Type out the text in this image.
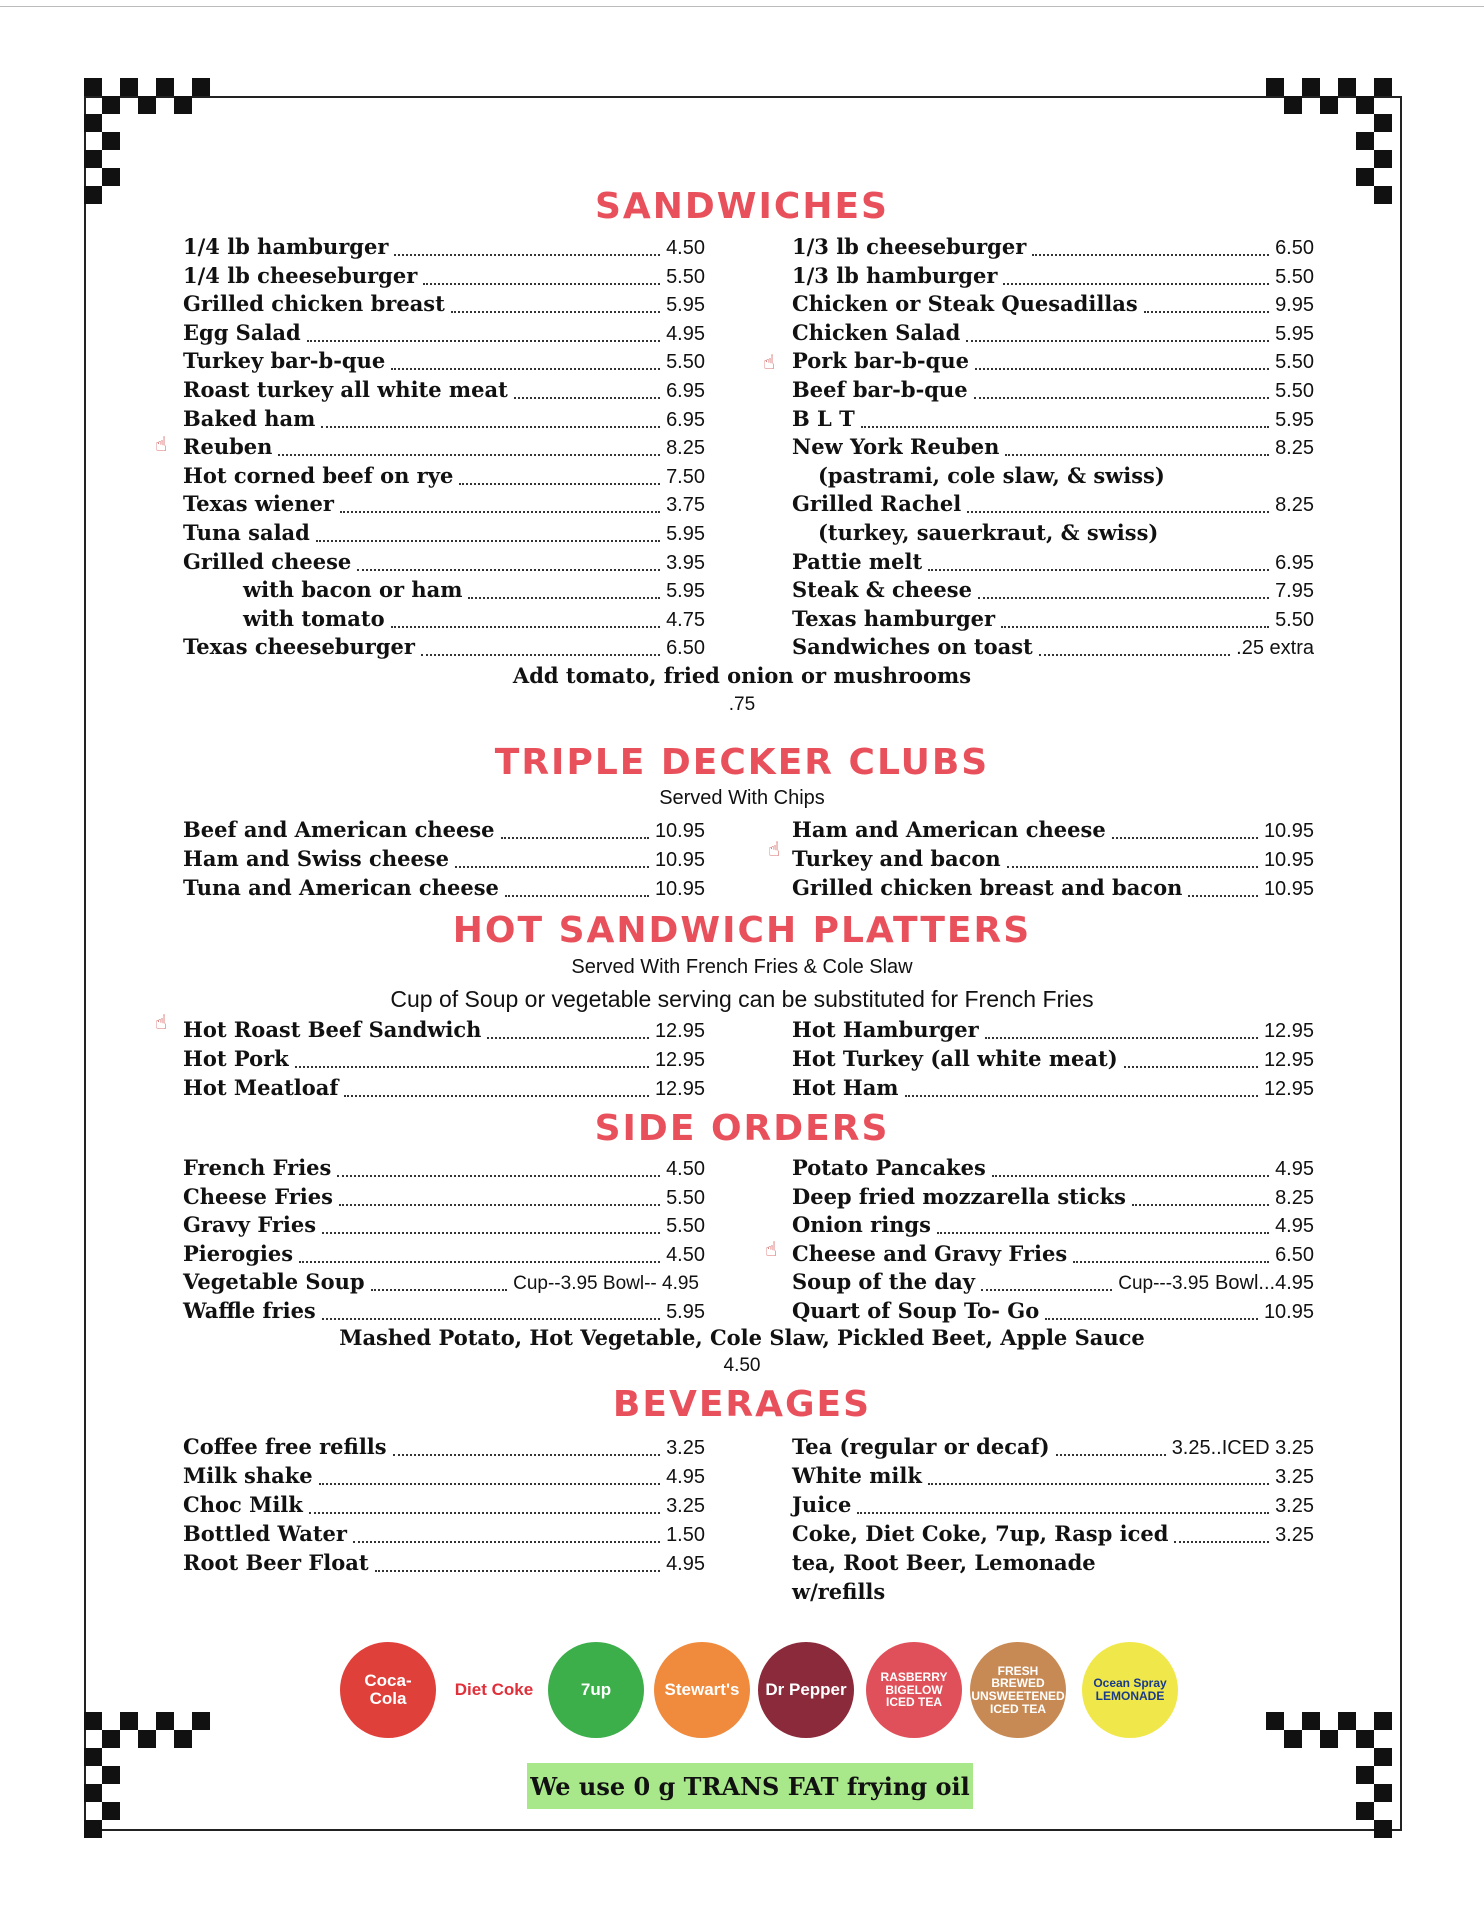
SANDWICHES
TRIPLE DECKER CLUBS
Served With Chips
HOT SANDWICH PLATTERS
Served With French Fries & Cole Slaw
Cup of Soup or vegetable serving can be substituted for French Fries
SIDE ORDERS
BEVERAGES
Add tomato, fried onion or mushrooms
.75
Mashed Potato, Hot Vegetable, Cole Slaw, Pickled Beet, Apple Sauce
4.50
☝
☝
☝
☝
☝
Coca-Cola	Diet Coke	7up	Stewart's	Dr Pepper
RASBERRY BIGELOW ICED TEA
FRESH BREWED UNSWEETENED ICED TEA
Ocean Spray LEMONADE
We use 0 g TRANS FAT frying oil
1/4 lb hamburger	4.50
1/4 lb cheeseburger	5.50
Grilled chicken breast	5.95
Egg Salad	4.95
Turkey bar-b-que	5.50
Roast turkey all white meat	6.95
Baked ham	6.95
Reuben	8.25
Hot corned beef on rye	7.50
Texas wiener	3.75
Tuna salad	5.95
Grilled cheese	3.95
with bacon or ham	5.95
with tomato	4.75
Texas cheeseburger	6.50
1/3 lb cheeseburger	6.50
1/3 lb hamburger	5.50
Chicken or Steak Quesadillas	9.95
Chicken Salad	5.95
Pork bar-b-que	5.50
Beef bar-b-que	5.50
B L T	5.95
New York Reuben	8.25
(pastrami, cole slaw, & swiss)
Grilled Rachel	8.25
(turkey, sauerkraut, & swiss)
Pattie melt	6.95
Steak & cheese	7.95
Texas hamburger	5.50
Sandwiches on toast	.25 extra
Beef and American cheese	10.95
Ham and Swiss cheese	10.95
Tuna and American cheese	10.95
Ham and American cheese	10.95
Turkey and bacon	10.95
Grilled chicken breast and bacon	10.95
Hot Roast Beef Sandwich	12.95
Hot Pork	12.95
Hot Meatloaf	12.95
Hot Hamburger	12.95
Hot Turkey (all white meat)	12.95
Hot Ham	12.95
French Fries	4.50
Cheese Fries	5.50
Gravy Fries	5.50
Pierogies	4.50
Vegetable Soup	Cup--3.95 Bowl-- 4.95
Waffle fries	5.95
Potato Pancakes	4.95
Deep fried mozzarella sticks	8.25
Onion rings	4.95
Cheese and Gravy Fries	6.50
Soup of the day	Cup---3.95 Bowl...4.95
Quart of Soup To- Go	10.95
Coffee free refills	3.25
Milk shake	4.95
Choc Milk	3.25
Bottled Water	1.50
Root Beer Float	4.95
Tea (regular or decaf)	3.25..ICED 3.25
White milk	3.25
Juice	3.25
Coke, Diet Coke, 7up, Rasp iced	3.25
tea, Root Beer, Lemonade
w/refills
